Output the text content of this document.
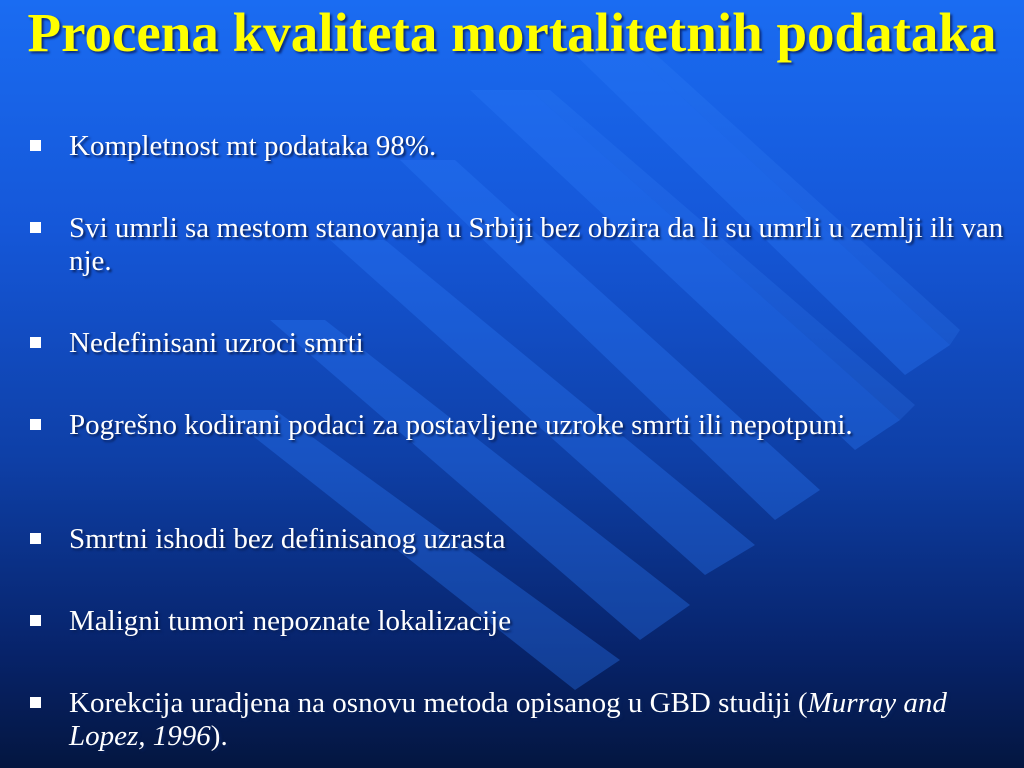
Procena kvaliteta mortalitetnih podataka
Kompletnost mt podataka 98%.
Svi umrli sa mestom stanovanja u Srbiji bez obzira da li su umrli u zemlji ili van nje.
Nedefinisani uzroci smrti
Pogrešno kodirani podaci za postavljene uzroke smrti ili nepotpuni.
Smrtni ishodi bez definisanog uzrasta
Maligni tumori nepoznate lokalizacije
Korekcija uradjena na osnovu metoda opisanog u GBD studiji (Murray and Lopez, 1996).
